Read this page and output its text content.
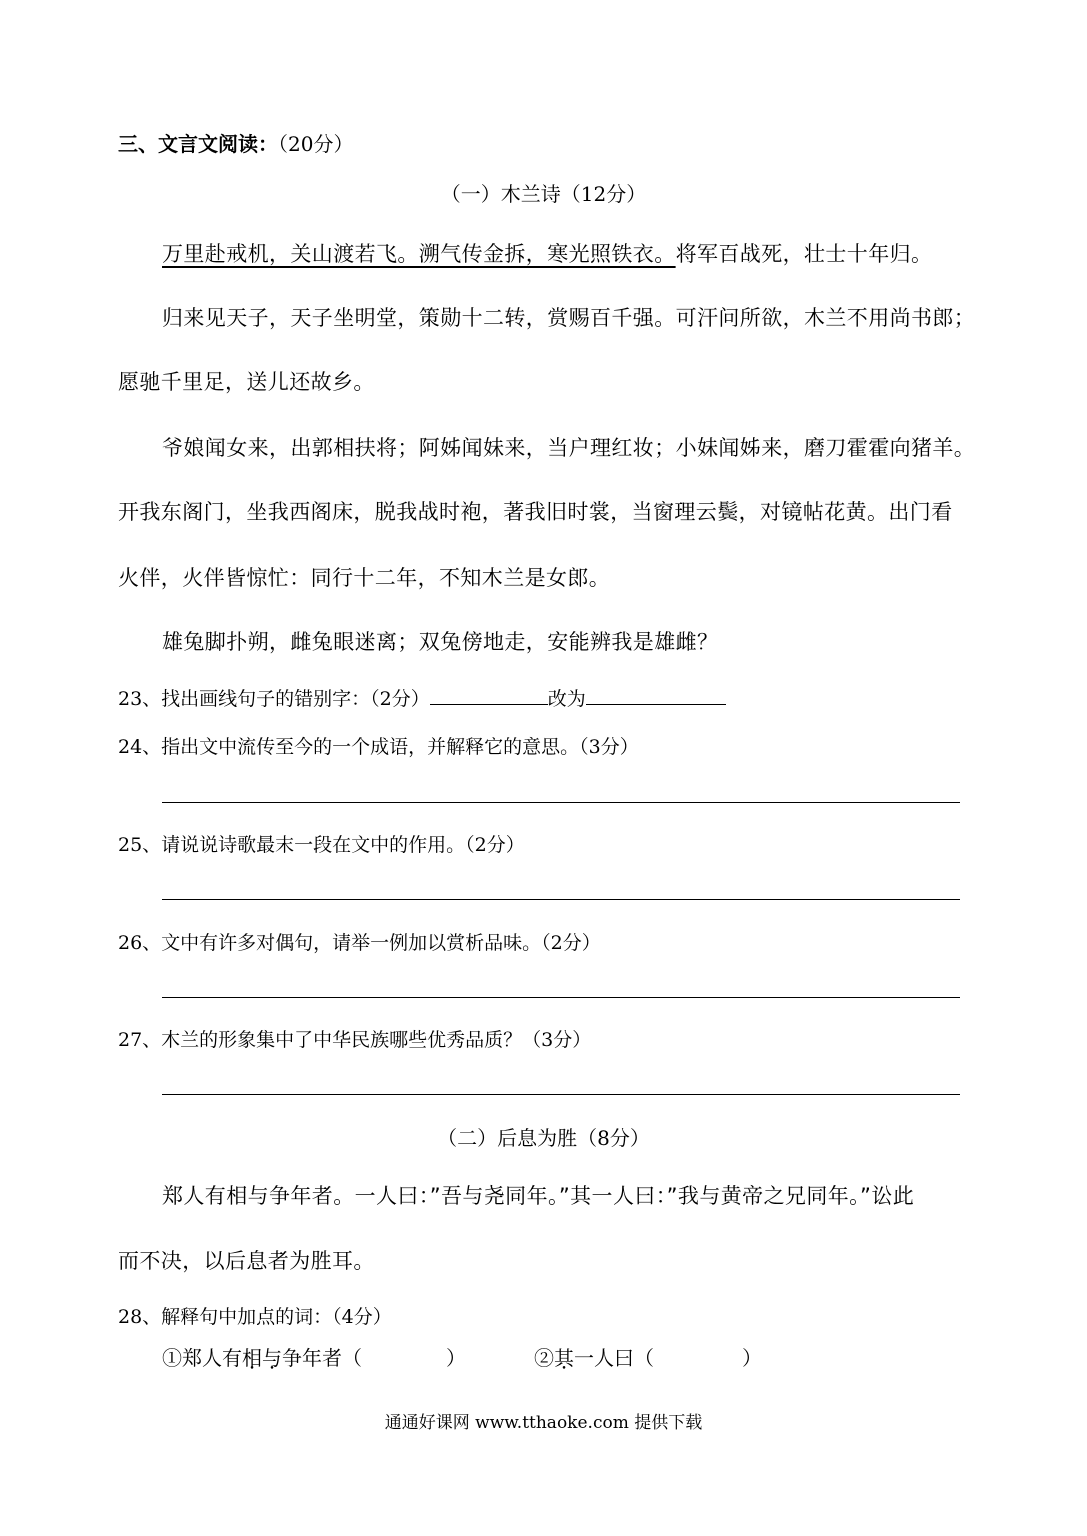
三、文言文阅读：（20分）
（一）木兰诗（12分）
万里赴戒机，关山渡若飞。溯气传金拆，寒光照铁衣。将军百战死，壮士十年归。
归来见天子，天子坐明堂，策勋十二转，赏赐百千强。可汗问所欲，木兰不用尚书郎；
愿驰千里足，送儿还故乡。
爷娘闻女来，出郭相扶将；阿姊闻妹来，当户理红妆；小妹闻姊来，磨刀霍霍向猪羊。
开我东阁门，坐我西阁床，脱我战时袍，著我旧时裳，当窗理云鬓，对镜帖花黄。出门看
火伴，火伴皆惊忙：同行十二年，不知木兰是女郎。
雄兔脚扑朔，雌兔眼迷离；双兔傍地走，安能辨我是雄雌？
23、找出画线句子的错别字：（2分）	改为
24、指出文中流传至今的一个成语，并解释它的意思。（3分）
25、请说说诗歌最末一段在文中的作用。（2分）
26、文中有许多对偶句，请举一例加以赏析品味。（2分）
27、木兰的形象集中了中华民族哪些优秀品质？（3分）
（二）后息为胜（8分）
郑人有相与争年者。一人曰：”吾与尧同年。”其一人曰：”我与黄帝之兄同年。”讼此
而不决，以后息者为胜耳。
28、解释句中加点的词：（4分）
①郑人有相与争年者（	）	②其一人曰（	）
通通好课网 www.tthaoke.com 提供下载
